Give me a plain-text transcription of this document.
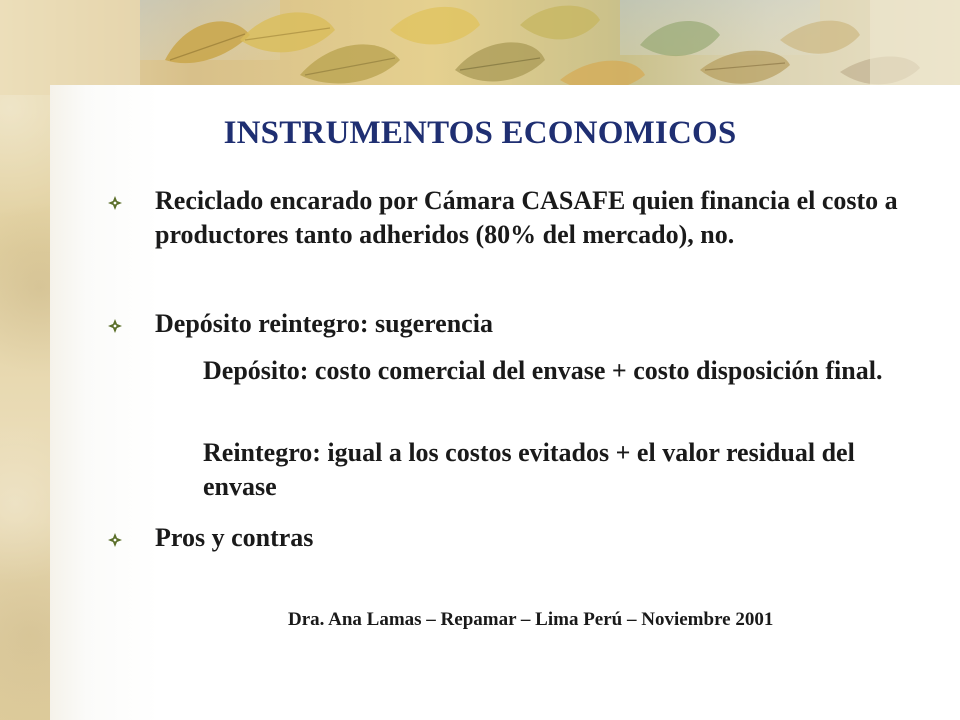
INSTRUMENTOS ECONOMICOS
Reciclado encarado por Cámara CASAFE quien financia el costo a productores tanto adheridos (80% del mercado), no.
Depósito reintegro: sugerencia
Depósito: costo comercial del envase + costo disposición final.
Reintegro: igual a los costos evitados + el valor residual del envase
Pros y contras
Dra. Ana Lamas – Repamar – Lima Perú – Noviembre 2001
